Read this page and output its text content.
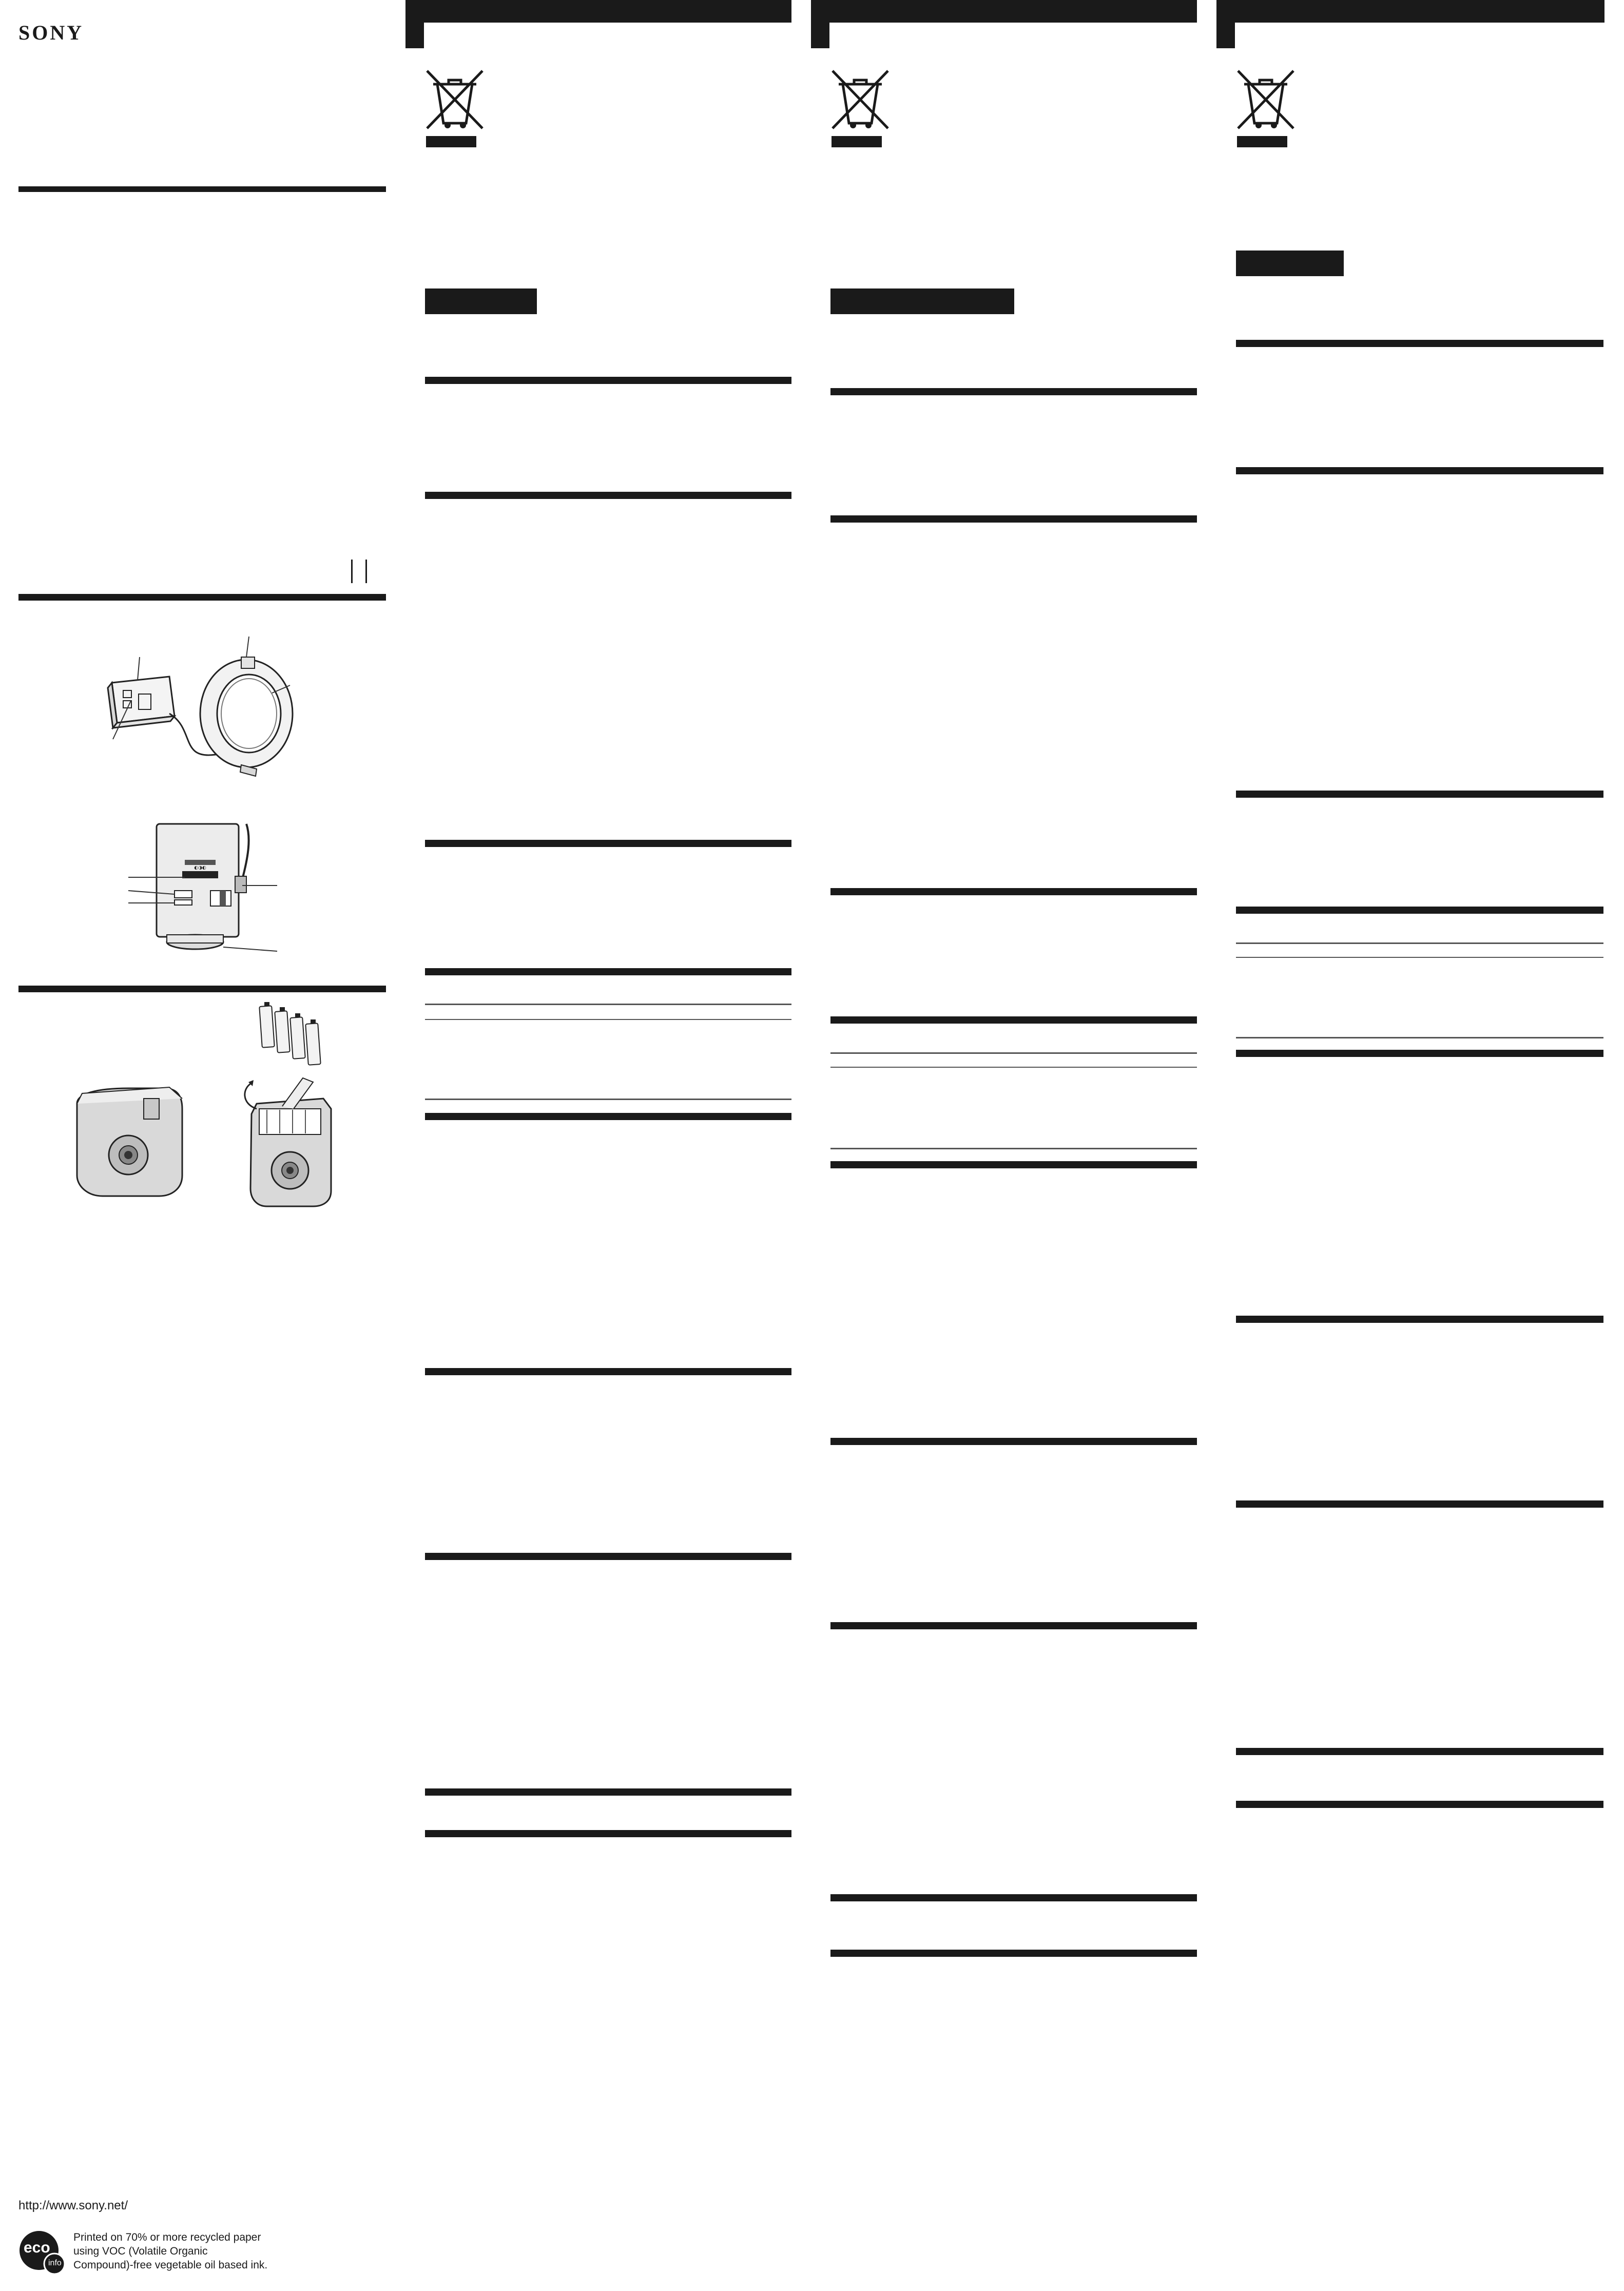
SONY
◐◑◐
http://www.sony.net/
eco
info
Printed on 70% or more recycled paper
using VOC (Volatile Organic
Compound)-free vegetable oil based ink.
